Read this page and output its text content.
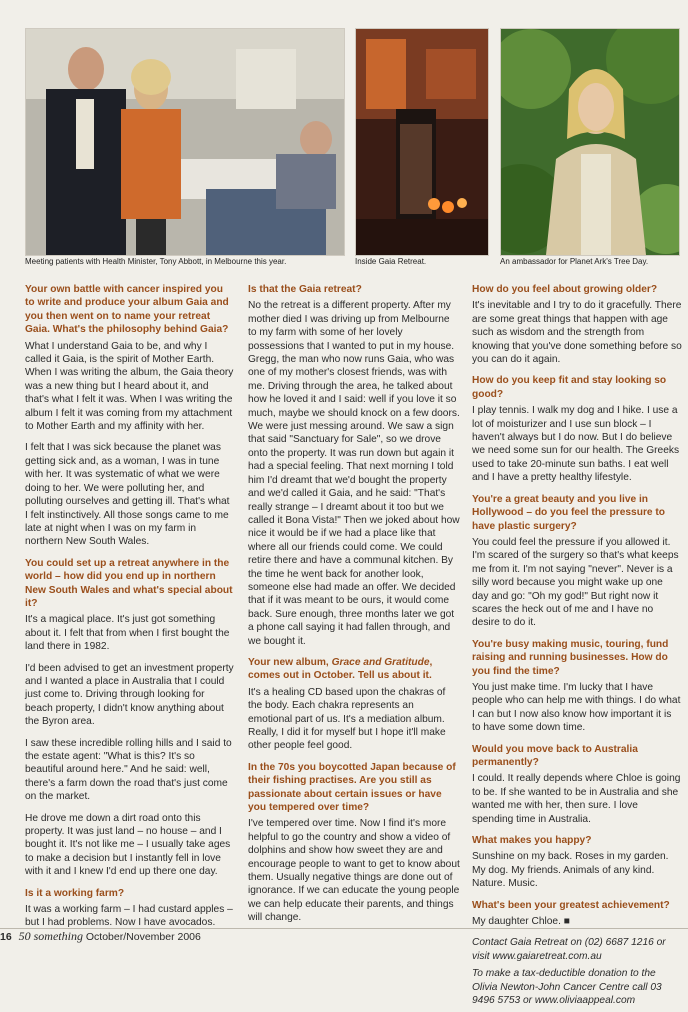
Meeting patients with Health Minister, Tony Abbott, in Melbourne this year.	Inside Gaia Retreat.	An ambassador for Planet Ark's Tree Day.

Your own battle with cancer inspired you to write and produce your album Gaia and you then went on to name your retreat Gaia. What's the philosophy behind Gaia?

What I understand Gaia to be, and why I called it Gaia, is the spirit of Mother Earth. When I was writing the album, the Gaia theory was a new thing but I heard about it, and that's what I felt it was. When I was writing the album I felt it was coming from my attachment to Mother Earth and my affinity with her.

I felt that I was sick because the planet was getting sick and, as a woman, I was in tune with her. It was systematic of what we were doing to her. We were polluting her, and polluting ourselves and getting ill. That's what I felt instinctively. All those songs came to me late at night when I was on my farm in northern New South Wales.

You could set up a retreat anywhere in the world – how did you end up in northern New South Wales and what's special about it?

It's a magical place. It's just got something about it. I felt that from when I first bought the land there in 1982.

I'd been advised to get an investment property and I wanted a place in Australia that I could just come to. Driving through looking for beach property, I didn't know anything about the Byron area.

I saw these incredible rolling hills and I said to the estate agent: "What is this? It's so beautiful around here." And he said: well, there's a farm down the road that's just come on the market.

He drove me down a dirt road onto this property. It was just land – no house – and I bought it. It's not like me – I usually take ages to make a decision but I instantly fell in love with it and I knew I'd end up there one day.

Is it a working farm?

It was a working farm – I had custard apples – but I had problems. Now I have avocados.

Is that the Gaia retreat?

No the retreat is a different property. After my mother died I was driving up from Melbourne to my farm with some of her lovely possessions that I wanted to put in my house. Gregg, the man who now runs Gaia, who was one of my mother's closest friends, was with me. Driving through the area, he talked about how he loved it and I said: well if you love it so much, maybe we should knock on a few doors. We were just messing around. We saw a sign that said "Sanctuary for Sale", so we drove onto the property. It was run down but again it had a special feeling. That next morning I told him I'd dreamt that we'd bought the property and we'd called it Gaia, and he said: "That's really strange – I dreamt about it too but we called it Bona Vista!" Then we joked about how nice it would be if we had a place like that where all our friends could come. We could retire there and have a communal kitchen. By the time he went back for another look, someone else had made an offer. We decided that if it was meant to be ours, it would come back. Sure enough, three months later we got a phone call saying it had fallen through, and we bought it.

Your new album, Grace and Gratitude, comes out in October. Tell us about it.

It's a healing CD based upon the chakras of the body. Each chakra represents an emotional part of us. It's a mediation album. Really, I did it for myself but I hope it'll make other people feel good.

In the 70s you boycotted Japan because of their fishing practises. Are you still as passionate about certain issues or have you tempered over time?

I've tempered over time. Now I find it's more helpful to go the country and show a video of dolphins and show how sweet they are and encourage people to want to get to know about them. Usually negative things are done out of ignorance. If we can educate the young people we can help educate their parents, and things will change.

How do you feel about growing older?

It's inevitable and I try to do it gracefully. There are some great things that happen with age such as wisdom and the strength from knowing that you've done something before so you can do it again.

How do you keep fit and stay looking so good?

I play tennis. I walk my dog and I hike. I use a lot of moisturizer and I use sun block – I haven't always but I do now. But I do believe we need some sun for our health. The Greeks used to take 20-minute sun baths. I eat well and I have a pretty healthy lifestyle.

You're a great beauty and you live in Hollywood – do you feel the pressure to have plastic surgery?

You could feel the pressure if you allowed it. I'm scared of the surgery so that's what keeps me from it. I'm not saying "never". Never is a silly word because you might wake up one day and go: "Oh my god!" But right now it scares the heck out of me and I have no desire to do it.

You're busy making music, touring, fund raising and running businesses. How do you find the time?

You just make time. I'm lucky that I have people who can help me with things. I do what I can but I now also know how important it is to have some down time.

Would you move back to Australia permanently?

I could. It really depends where Chloe is going to be. If she wanted to be in Australia and she wanted me with her, then sure. I love spending time in Australia.

What makes you happy?

Sunshine on my back. Roses in my garden. My dog. My friends. Animals of any kind. Nature. Music.

What's been your greatest achievement?

My daughter Chloe. ■

Contact Gaia Retreat on (02) 6687 1216 or visit www.gaiaretreat.com.au

To make a tax-deductible donation to the Olivia Newton-John Cancer Centre call 03 9496 5753 or www.oliviaappeal.com

16 50 something October/November 2006
